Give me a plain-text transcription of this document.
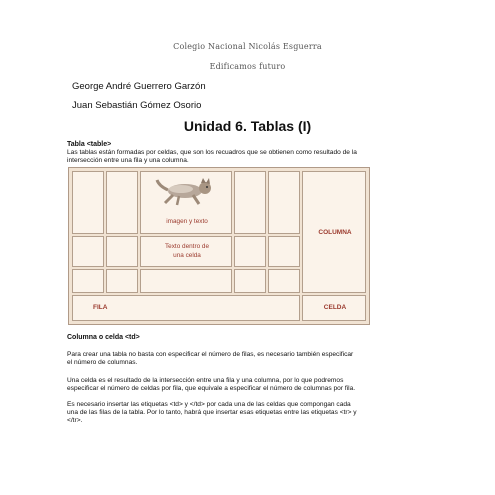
Colegio Nacional Nicolás Esguerra
Edificamos futuro
George André Guerrero Garzón
Juan Sebastián Gómez Osorio
Unidad 6. Tablas (I)
Tabla <table>
Las tablas están formadas por celdas, que son los recuadros que se obtienen como resultado de la
intersección entre una fila y una columna.
imagen y texto
COLUMNA
Texto dentro de
una celda
FILA	CELDA
Columna o celda <td>
Para crear una tabla no basta con especificar el número de filas, es necesario también especificar
el número de columnas.
Una celda es el resultado de la intersección entre una fila y una columna, por lo que podremos
especificar el número de celdas por fila, que equivale a especificar el número de columnas por fila.
Es necesario insertar las etiquetas <td> y </td> por cada una de las celdas que compongan cada
una de las filas de la tabla. Por lo tanto, habrá que insertar esas etiquetas entre las etiquetas <tr> y
</tr>.
